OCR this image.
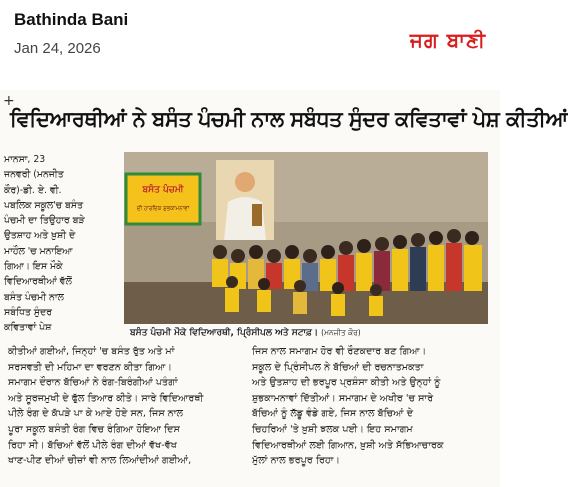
Bathinda Bani
Jan 24, 2026	ਜਗ ਬਾਣੀ
+
ਵਿਦਿਆਰਥੀਆਂ ਨੇ ਬਸੰਤ ਪੰਚਮੀ ਨਾਲ ਸਬੰਧਤ ਸੁੰਦਰ ਕਵਿਤਾਵਾਂ ਪੇਸ਼ ਕੀਤੀਆਂ
ਮਾਨਸਾ, 23
ਜਨਵਰੀ (ਮਨਜੀਤ
ਕੌਰ)-ਡੀ. ਏ. ਵੀ.
ਪਬਲਿਕ ਸਕੂਲ'ਚ ਬਸੰਤ
ਪੰਚਮੀ ਦਾ ਤਿਉਹਾਰ ਬੜੇ
ਉਤਸ਼ਾਹ ਅਤੇ ਖ਼ੁਸ਼ੀ ਦੇ
ਮਾਹੌਲ 'ਚ ਮਨਾਇਆ
ਗਿਆ। ਇਸ ਮੌਕੇ
ਵਿਦਿਆਰਥੀਆਂ ਵੱਲੋਂ
ਬਸੰਤ ਪੰਚਮੀ ਨਾਲ
ਸਬੰਧਿਤ ਸੁੰਦਰ
ਕਵਿਤਾਵਾਂ ਪੇਸ਼
ਬਸੰਤ ਪੰਚਮੀ
ਦੀ ਹਾਰਦਿਕ ਸ਼ੁਭਕਾਮਨਾਵਾਂ
ਬਸੰਤ ਪੰਚਮੀ ਮੌਕੇ ਵਿਦਿਆਰਥੀ, ਪ੍ਰਿੰਸੀਪਲ ਅਤੇ ਸਟਾਫ਼। (ਮਨਜੀਤ ਕੌਰ)
ਕੀਤੀਆਂ ਗਈਆਂ, ਜਿਨ੍ਹਾਂ 'ਚ ਬਸੰਤ ਰੁੱਤ ਅਤੇ ਮਾਂ
ਸਰਸਵਤੀ ਦੀ ਮਹਿਮਾ ਦਾ ਵਰਣਨ ਕੀਤਾ ਗਿਆ।
ਸਮਾਗਮ ਦੌਰਾਨ ਬੱਚਿਆਂ ਨੇ ਰੰਗ-ਬਿਰੰਗੀਆਂ ਪਤੰਗਾਂ
ਅਤੇ ਸੂਰਜਮੁਖੀ ਦੇ ਫੁੱਲ ਤਿਆਰ ਕੀਤੇ। ਸਾਰੇ ਵਿਦਿਆਰਥੀ
ਪੀਲੇ ਰੰਗ ਦੇ ਕੱਪੜੇ ਪਾ ਕੇ ਆਏ ਹੋਏ ਸਨ, ਜਿਸ ਨਾਲ
ਪੂਰਾ ਸਕੂਲ ਬਸੰਤੀ ਰੰਗ ਵਿਚ ਰੰਗਿਆ ਹੋਇਆ ਦਿਸ
ਰਿਹਾ ਸੀ। ਬੱਚਿਆਂ ਵੱਲੋਂ ਪੀਲੇ ਰੰਗ ਦੀਆਂ ਵੱਖ-ਵੱਖ
ਖਾਣ-ਪੀਣ ਦੀਆਂ ਚੀਜ਼ਾਂ ਵੀ ਨਾਲ ਲਿਆਂਦੀਆਂ ਗਈਆਂ,
ਜਿਸ ਨਾਲ ਸਮਾਗਮ ਹੋਰ ਵੀ ਰੌਣਕਦਾਰ ਬਣ ਗਿਆ।
ਸਕੂਲ ਦੇ ਪ੍ਰਿੰਸੀਪਲ ਨੇ ਬੱਚਿਆਂ ਦੀ ਰਚਨਾਤਮਕਤਾ
ਅਤੇ ਉਤਸ਼ਾਹ ਦੀ ਭਰਪੂਰ ਪ੍ਰਸ਼ੰਸਾ ਕੀਤੀ ਅਤੇ ਉਨ੍ਹਾਂ ਨੂੰ
ਸ਼ੁਭਕਾਮਨਾਵਾਂ ਦਿੱਤੀਆਂ। ਸਮਾਗਮ ਦੇ ਅਖੀਰ 'ਚ ਸਾਰੇ
ਬੱਚਿਆਂ ਨੂੰ ਲੱਡੂ ਵੰਡੇ ਗਏ, ਜਿਸ ਨਾਲ ਬੱਚਿਆਂ ਦੇ
ਚਿਹਰਿਆਂ 'ਤੇ ਖ਼ੁਸ਼ੀ ਝਲਕ ਪਈ। ਇਹ ਸਮਾਗਮ
ਵਿਦਿਆਰਥੀਆਂ ਲਈ ਗਿਆਨ, ਖ਼ੁਸ਼ੀ ਅਤੇ ਸੱਭਿਆਚਾਰਕ
ਮੁੱਲਾਂ ਨਾਲ ਭਰਪੂਰ ਰਿਹਾ।
